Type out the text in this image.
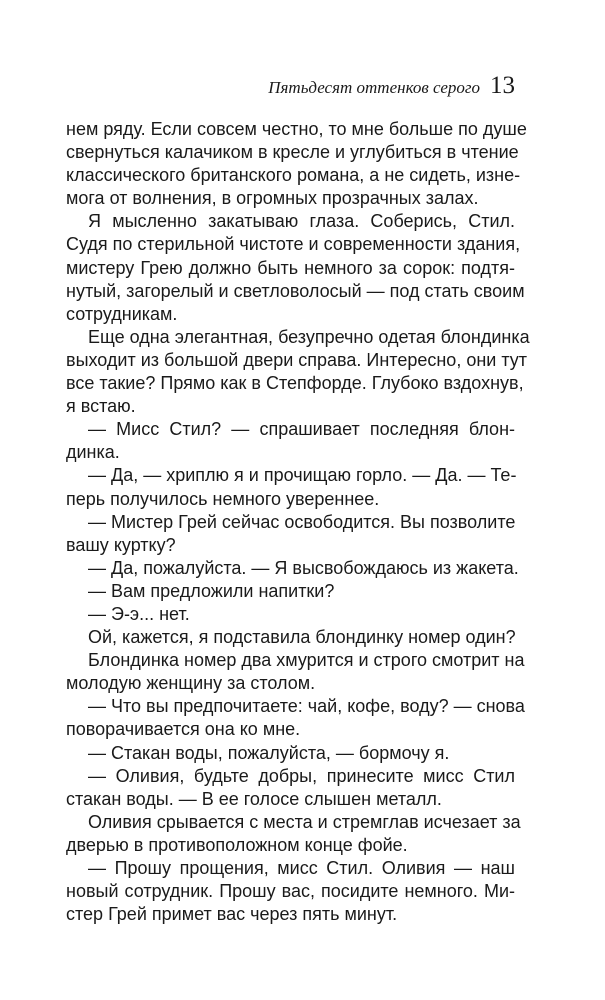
Пятьдесят оттенков серого 13
нем ряду. Если совсем честно, то мне больше по душе
свернуться калачиком в кресле и углубиться в чтение
классического британского романа, а не сидеть, изне-
мога от волнения, в огромных прозрачных залах.
Я мысленно закатываю глаза. Соберись, Стил.
Судя по стерильной чистоте и современности здания,
мистеру Грею должно быть немного за сорок: подтя-
нутый, загорелый и светловолосый — под стать своим
сотрудникам.
Еще одна элегантная, безупречно одетая блондинка
выходит из большой двери справа. Интересно, они тут
все такие? Прямо как в Степфорде. Глубоко вздохнув,
я встаю.
— Мисс Стил? — спрашивает последняя блон-
динка.
— Да, — хриплю я и прочищаю горло. — Да. — Те-
перь получилось немного увереннее.
— Мистер Грей сейчас освободится. Вы позволите
вашу куртку?
— Да, пожалуйста. — Я высвобождаюсь из жакета.
— Вам предложили напитки?
— Э-э... нет.
Ой, кажется, я подставила блондинку номер один?
Блондинка номер два хмурится и строго смотрит на
молодую женщину за столом.
— Что вы предпочитаете: чай, кофе, воду? — снова
поворачивается она ко мне.
— Стакан воды, пожалуйста, — бормочу я.
— Оливия, будьте добры, принесите мисс Стил
стакан воды. — В ее голосе слышен металл.
Оливия срывается с места и стремглав исчезает за
дверью в противоположном конце фойе.
— Прошу прощения, мисс Стил. Оливия — наш
новый сотрудник. Прошу вас, посидите немного. Ми-
стер Грей примет вас через пять минут.
